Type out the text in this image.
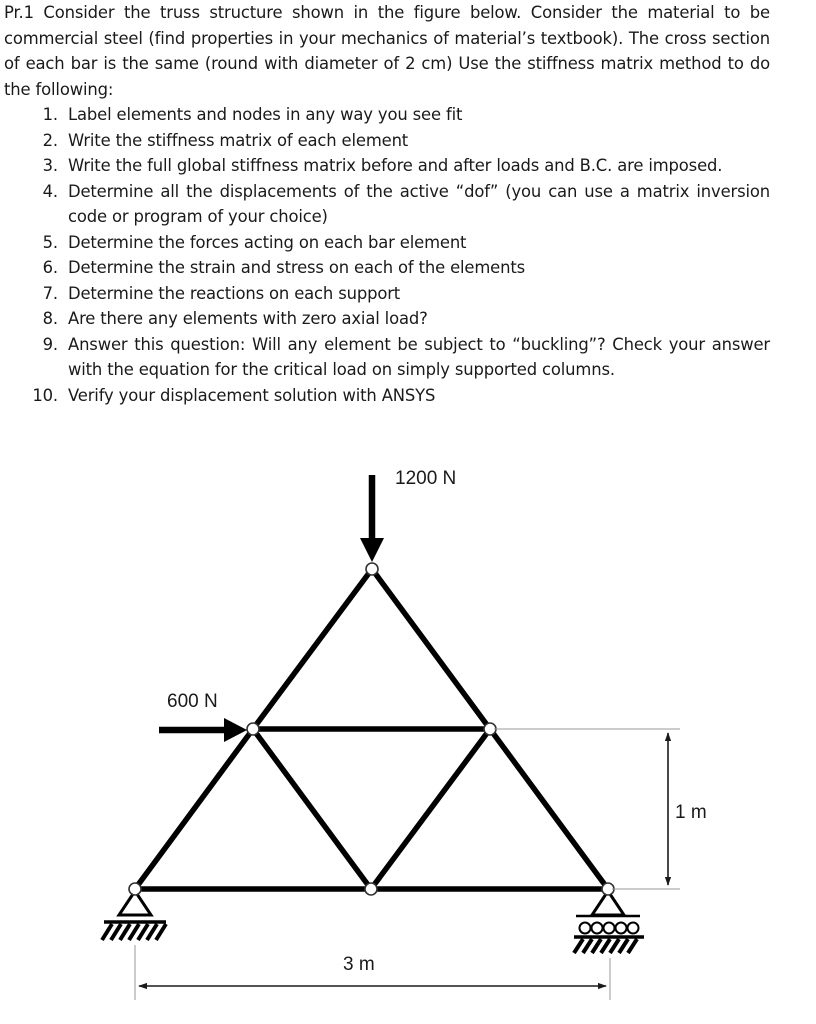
Pr.1 Consider the truss structure shown in the figure below. Consider the material to be commercial steel (find properties in your mechanics of material’s textbook). The cross section of each bar is the same (round with diameter of 2 cm) Use the stiffness matrix method to do the following:

1. Label elements and nodes in any way you see fit
2. Write the stiffness matrix of each element
3. Write the full global stiffness matrix before and after loads and B.C. are imposed.
4. Determine all the displacements of the active “dof” (you can use a matrix inversion code or program of your choice)
5. Determine the forces acting on each bar element
6. Determine the strain and stress on each of the elements
7. Determine the reactions on each support
8. Are there any elements with zero axial load?
9. Answer this question: Will any element be subject to “buckling”? Check your answer with the equation for the critical load on simply supported columns.
10. Verify your displacement solution with ANSYS
1200 N
600 N
1 m
3 m
